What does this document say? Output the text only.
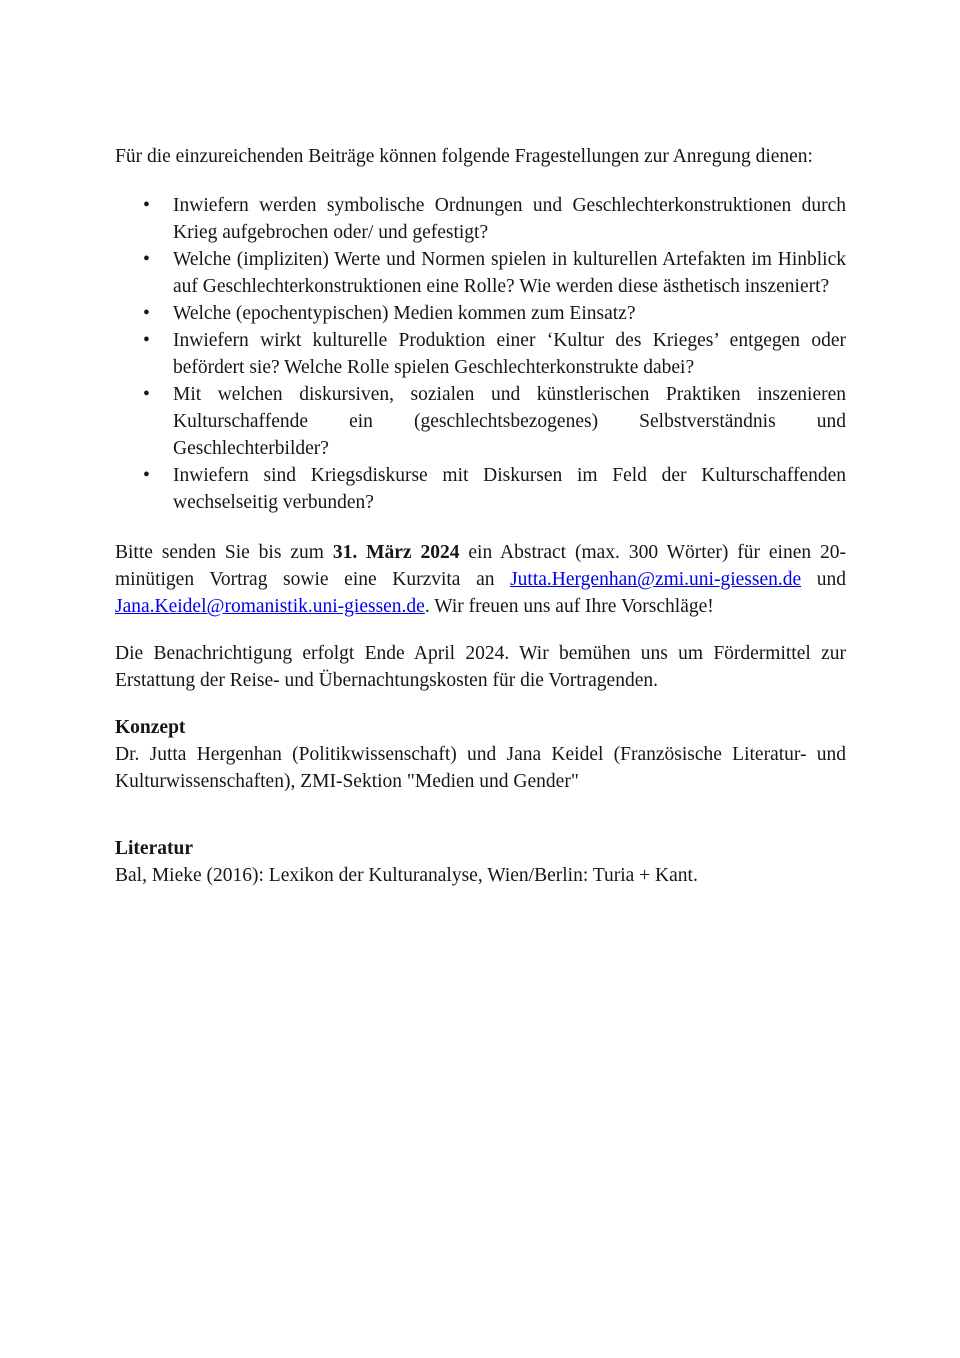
Für die einzureichenden Beiträge können folgende Fragestellungen zur Anregung dienen:

• Inwiefern werden symbolische Ordnungen und Geschlechterkonstruktionen durch Krieg aufgebrochen oder/ und gefestigt?
• Welche (impliziten) Werte und Normen spielen in kulturellen Artefakten im Hinblick auf Geschlechterkonstruktionen eine Rolle? Wie werden diese ästhetisch inszeniert?
• Welche (epochentypischen) Medien kommen zum Einsatz?
• Inwiefern wirkt kulturelle Produktion einer ‘Kultur des Krieges’ entgegen oder befördert sie? Welche Rolle spielen Geschlechterkonstrukte dabei?
• Mit welchen diskursiven, sozialen und künstlerischen Praktiken inszenieren Kulturschaffende ein (geschlechtsbezogenes) Selbstverständnis und Geschlechterbilder?
• Inwiefern sind Kriegsdiskurse mit Diskursen im Feld der Kulturschaffenden wechselseitig verbunden?

Bitte senden Sie bis zum 31. März 2024 ein Abstract (max. 300 Wörter) für einen 20-minütigen Vortrag sowie eine Kurzvita an Jutta.Hergenhan@zmi.uni-giessen.de und Jana.Keidel@romanistik.uni-giessen.de. Wir freuen uns auf Ihre Vorschläge!

Die Benachrichtigung erfolgt Ende April 2024. Wir bemühen uns um Fördermittel zur Erstattung der Reise- und Übernachtungskosten für die Vortragenden.

Konzept

Dr. Jutta Hergenhan (Politikwissenschaft) und Jana Keidel (Französische Literatur- und Kulturwissenschaften), ZMI-Sektion "Medien und Gender"

Literatur

Bal, Mieke (2016): Lexikon der Kulturanalyse, Wien/Berlin: Turia + Kant.
